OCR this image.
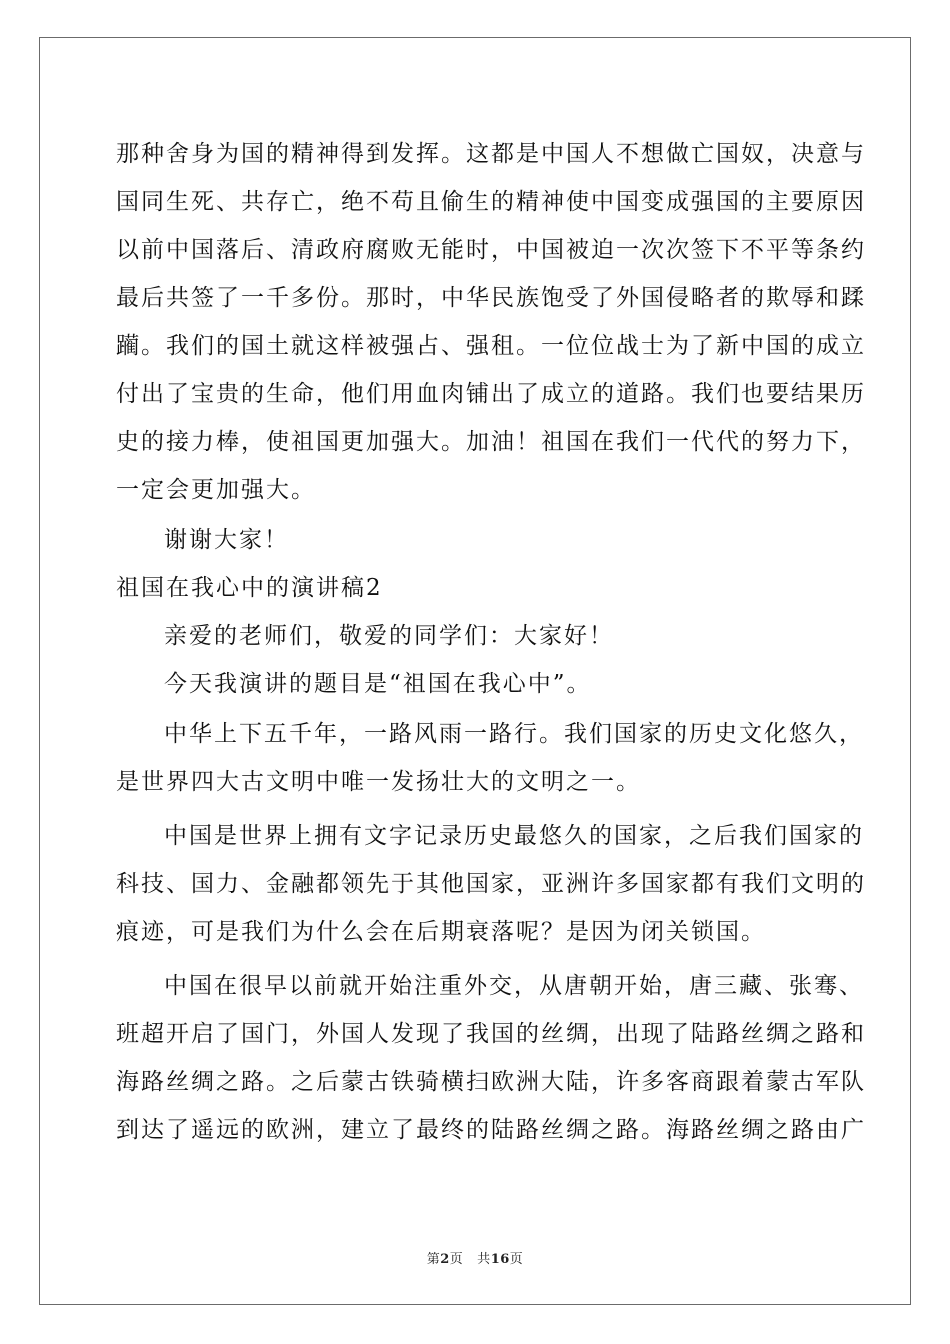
那种舍身为国的精神得到发挥。这都是中国人不想做亡国奴，决意与
国同生死、共存亡，绝不苟且偷生的精神使中国变成强国的主要原因
以前中国落后、清政府腐败无能时，中国被迫一次次签下不平等条约
最后共签了一千多份。那时，中华民族饱受了外国侵略者的欺辱和蹂
躏。我们的国土就这样被强占、强租。一位位战士为了新中国的成立
付出了宝贵的生命，他们用血肉铺出了成立的道路。我们也要结果历
史的接力棒，使祖国更加强大。加油！祖国在我们一代代的努力下，
一定会更加强大。
谢谢大家！
祖国在我心中的演讲稿2
亲爱的老师们，敬爱的同学们：大家好！
今天我演讲的题目是“祖国在我心中”。
中华上下五千年，一路风雨一路行。我们国家的历史文化悠久，
是世界四大古文明中唯一发扬壮大的文明之一。
中国是世界上拥有文字记录历史最悠久的国家，之后我们国家的
科技、国力、金融都领先于其他国家，亚洲许多国家都有我们文明的
痕迹，可是我们为什么会在后期衰落呢？是因为闭关锁国。
中国在很早以前就开始注重外交，从唐朝开始，唐三藏、张骞、
班超开启了国门，外国人发现了我国的丝绸，出现了陆路丝绸之路和
海路丝绸之路。之后蒙古铁骑横扫欧洲大陆，许多客商跟着蒙古军队
到达了遥远的欧洲，建立了最终的陆路丝绸之路。海路丝绸之路由广
第2页 共16页
